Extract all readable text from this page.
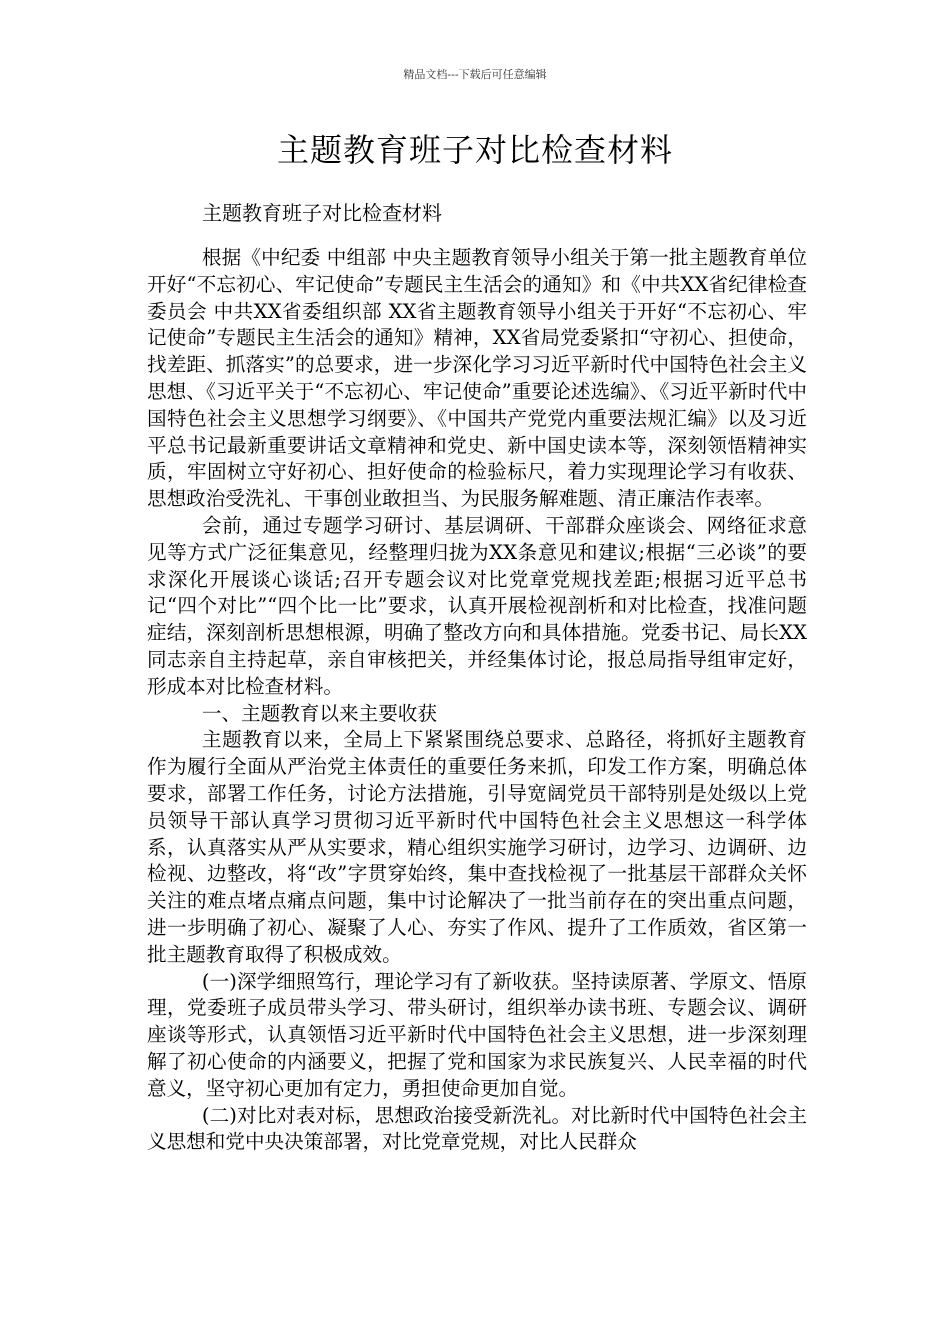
精品文档---下载后可任意编辑
主题教育班子对比检查材料
主题教育班子对比检查材料

根据《中纪委 中组部 中央主题教育领导小组关于第一批主题教育单位开好“不忘初心、牢记使命”专题民主生活会的通知》和《中共XX省纪律检查委员会 中共XX省委组织部 XX省主题教育领导小组关于开好“不忘初心、牢记使命”专题民主生活会的通知》精神，XX省局党委紧扣“守初心、担使命，找差距、抓落实”的总要求，进一步深化学习习近平新时代中国特色社会主义思想、《习近平关于“不忘初心、牢记使命”重要论述选编》、《习近平新时代中国特色社会主义思想学习纲要》、《中国共产党党内重要法规汇编》以及习近平总书记最新重要讲话文章精神和党史、新中国史读本等，深刻领悟精神实质，牢固树立守好初心、担好使命的检验标尺，着力实现理论学习有收获、思想政治受洗礼、干事创业敢担当、为民服务解难题、清正廉洁作表率。

会前，通过专题学习研讨、基层调研、干部群众座谈会、网络征求意见等方式广泛征集意见，经整理归拢为XX条意见和建议;根据“三必谈”的要求深化开展谈心谈话;召开专题会议对比党章党规找差距;根据习近平总书记“四个对比”“四个比一比”要求，认真开展检视剖析和对比检查，找准问题症结，深刻剖析思想根源，明确了整改方向和具体措施。党委书记、局长XX同志亲自主持起草，亲自审核把关，并经集体讨论，报总局指导组审定好，形成本对比检查材料。

一、主题教育以来主要收获

主题教育以来，全局上下紧紧围绕总要求、总路径，将抓好主题教育作为履行全面从严治党主体责任的重要任务来抓，印发工作方案，明确总体要求，部署工作任务，讨论方法措施，引导宽阔党员干部特别是处级以上党员领导干部认真学习贯彻习近平新时代中国特色社会主义思想这一科学体系，认真落实从严从实要求，精心组织实施学习研讨，边学习、边调研、边检视、边整改，将“改”字贯穿始终，集中查找检视了一批基层干部群众关怀关注的难点堵点痛点问题，集中讨论解决了一批当前存在的突出重点问题，进一步明确了初心、凝聚了人心、夯实了作风、提升了工作质效，省区第一批主题教育取得了积极成效。

(一)深学细照笃行，理论学习有了新收获。坚持读原著、学原文、悟原理，党委班子成员带头学习、带头研讨，组织举办读书班、专题会议、调研座谈等形式，认真领悟习近平新时代中国特色社会主义思想，进一步深刻理解了初心使命的内涵要义，把握了党和国家为求民族复兴、人民幸福的时代意义，坚守初心更加有定力，勇担使命更加自觉。

(二)对比对表对标，思想政治接受新洗礼。对比新时代中国特色社会主义思想和党中央决策部署，对比党章党规，对比人民群众
